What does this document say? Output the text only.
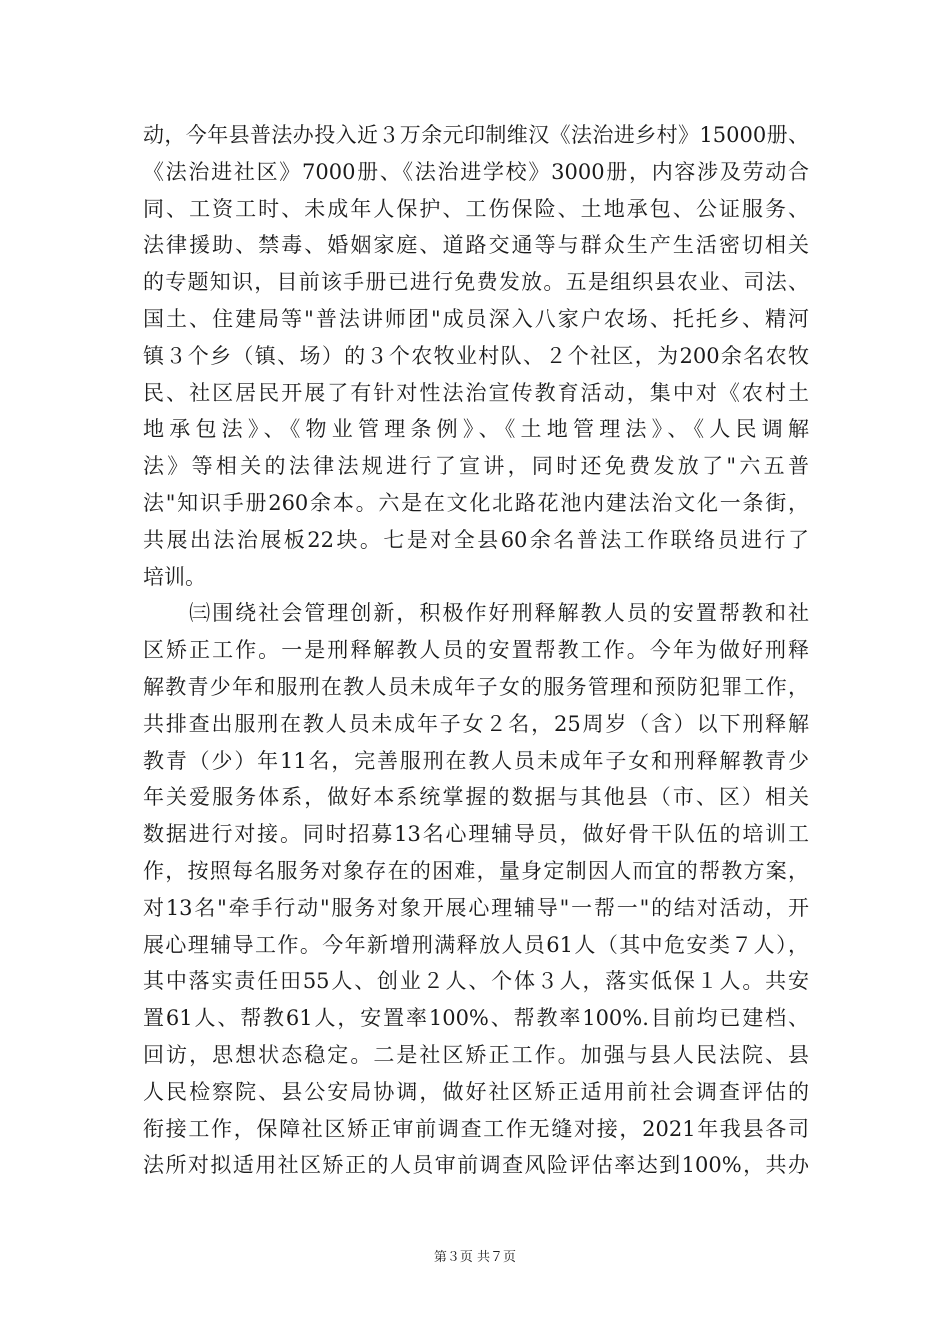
动，今年县普法办投入近３万余元印制维汉《法治进乡村》15000册、
《法治进社区》7000册、《法治进学校》3000册，内容涉及劳动合
同、工资工时、未成年人保护、工伤保险、土地承包、公证服务、
法律援助、禁毒、婚姻家庭、道路交通等与群众生产生活密切相关
的专题知识，目前该手册已进行免费发放。五是组织县农业、司法、
国土、住建局等"普法讲师团"成员深入八家户农场、托托乡、精河
镇３个乡（镇、场）的３个农牧业村队、２个社区，为200余名农牧
民、社区居民开展了有针对性法治宣传教育活动，集中对《农村土
地承包法》、《物业管理条例》、《土地管理法》、《人民调解
法》等相关的法律法规进行了宣讲，同时还免费发放了"六五普
法"知识手册260余本。六是在文化北路花池内建法治文化一条街，
共展出法治展板22块。七是对全县60余名普法工作联络员进行了
培训。
　　㈢围绕社会管理创新，积极作好刑释解教人员的安置帮教和社
区矫正工作。一是刑释解教人员的安置帮教工作。今年为做好刑释
解教青少年和服刑在教人员未成年子女的服务管理和预防犯罪工作，
共排查出服刑在教人员未成年子女２名，25周岁（含）以下刑释解
教青（少）年11名，完善服刑在教人员未成年子女和刑释解教青少
年关爱服务体系，做好本系统掌握的数据与其他县（市、区）相关
数据进行对接。同时招募13名心理辅导员，做好骨干队伍的培训工
作，按照每名服务对象存在的困难，量身定制因人而宜的帮教方案，
对13名"牵手行动"服务对象开展心理辅导"一帮一"的结对活动，开
展心理辅导工作。今年新增刑满释放人员61人（其中危安类７人），
其中落实责任田55人、创业２人、个体３人，落实低保１人。共安
置61人、帮教61人，安置率100%、帮教率100%.目前均已建档、
回访，思想状态稳定。二是社区矫正工作。加强与县人民法院、县
人民检察院、县公安局协调，做好社区矫正适用前社会调查评估的
衔接工作，保障社区矫正审前调查工作无缝对接，2021年我县各司
法所对拟适用社区矫正的人员审前调查风险评估率达到100%，共办
第３页 共７页
